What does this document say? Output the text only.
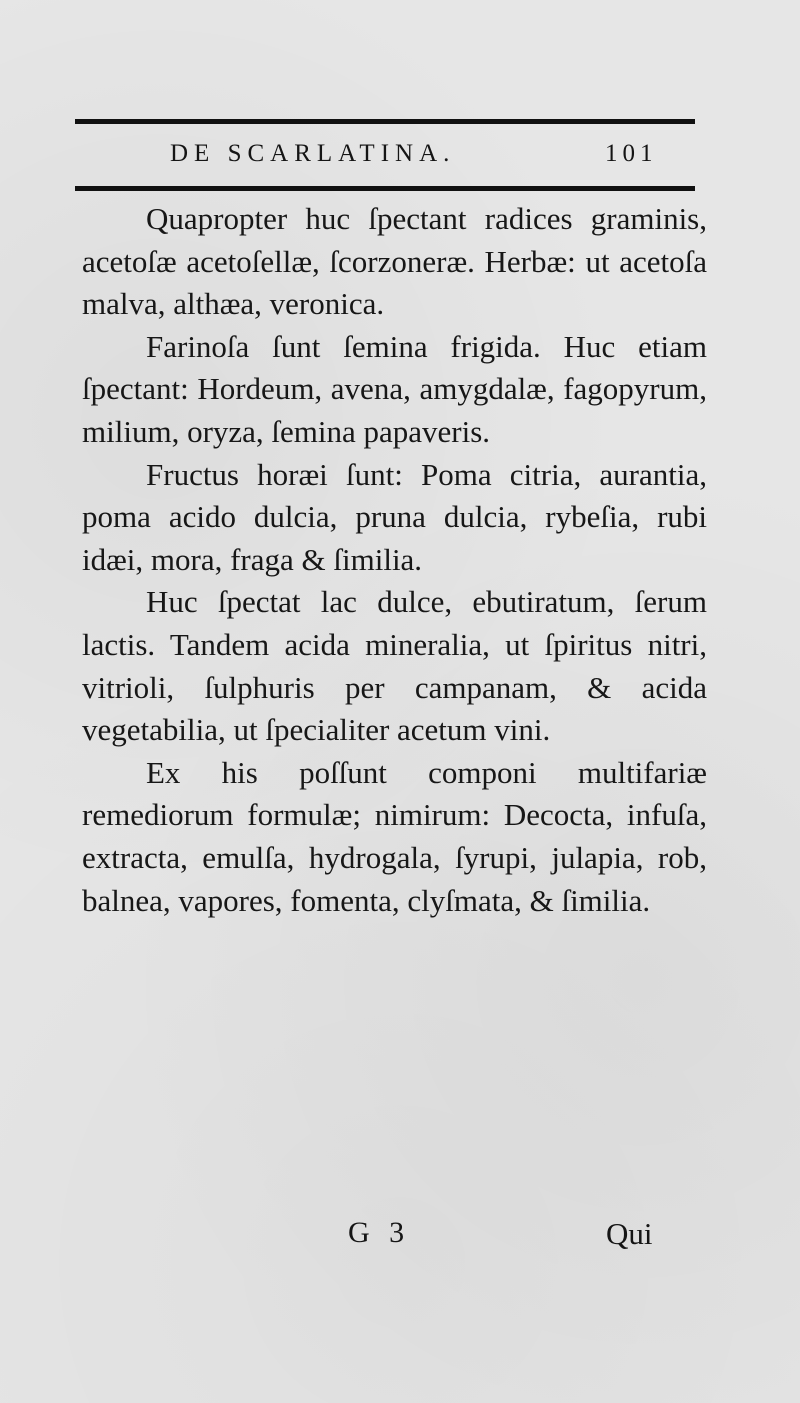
DE SCARLATINA.	101

Quapropter huc ſpectant radices graminis, acetoſæ acetoſellæ, ſcorzoneræ. Herbæ: ut acetoſa malva, althæa, veronica.

Farinoſa ſunt ſemina frigida. Huc etiam ſpectant: Hordeum, avena, amygdalæ, fagopyrum, milium, oryza, ſemina papaveris.

Fructus horæi ſunt: Poma citria, aurantia, poma acido dulcia, pruna dulcia, rybeſia, rubi idæi, mora, fraga & ſimilia.

Huc ſpectat lac dulce, ebutiratum, ſerum lactis. Tandem acida mineralia, ut ſpiritus nitri, vitrioli, ſulphuris per campanam, & acida vegetabilia, ut ſpecialiter acetum vini.

Ex his poſſunt componi multifariæ remediorum formulæ; nimirum: Decocta, infuſa, extracta, emulſa, hydrogala, ſyrupi, julapia, rob, balnea, vapores, fomenta, clyſmata, & ſimilia.

G 3	Qui
